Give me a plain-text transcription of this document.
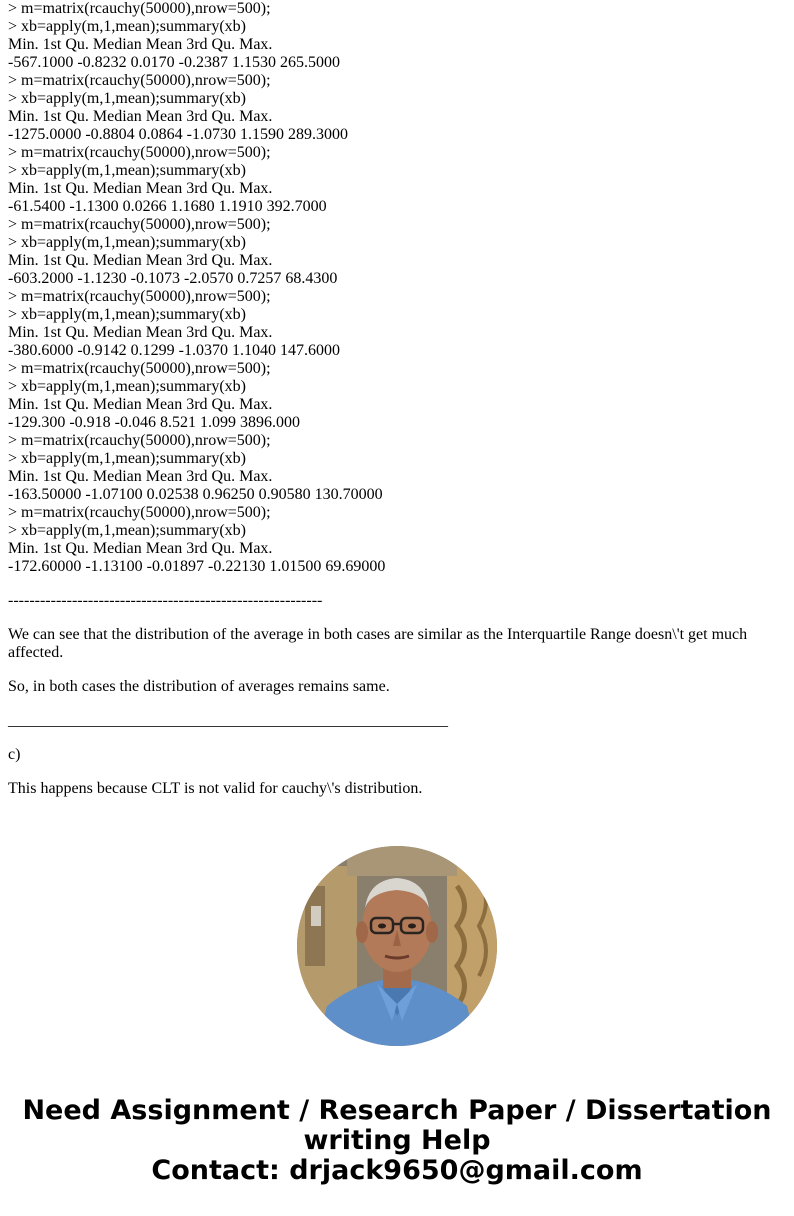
> m=matrix(rcauchy(50000),nrow=500);
> xb=apply(m,1,mean);summary(xb)
Min. 1st Qu. Median Mean 3rd Qu. Max.
-567.1000 -0.8232 0.0170 -0.2387 1.1530 265.5000
> m=matrix(rcauchy(50000),nrow=500);
> xb=apply(m,1,mean);summary(xb)
Min. 1st Qu. Median Mean 3rd Qu. Max.
-1275.0000 -0.8804 0.0864 -1.0730 1.1590 289.3000
> m=matrix(rcauchy(50000),nrow=500);
> xb=apply(m,1,mean);summary(xb)
Min. 1st Qu. Median Mean 3rd Qu. Max.
-61.5400 -1.1300 0.0266 1.1680 1.1910 392.7000
> m=matrix(rcauchy(50000),nrow=500);
> xb=apply(m,1,mean);summary(xb)
Min. 1st Qu. Median Mean 3rd Qu. Max.
-603.2000 -1.1230 -0.1073 -2.0570 0.7257 68.4300
> m=matrix(rcauchy(50000),nrow=500);
> xb=apply(m,1,mean);summary(xb)
Min. 1st Qu. Median Mean 3rd Qu. Max.
-380.6000 -0.9142 0.1299 -1.0370 1.1040 147.6000
> m=matrix(rcauchy(50000),nrow=500);
> xb=apply(m,1,mean);summary(xb)
Min. 1st Qu. Median Mean 3rd Qu. Max.
-129.300 -0.918 -0.046 8.521 1.099 3896.000
> m=matrix(rcauchy(50000),nrow=500);
> xb=apply(m,1,mean);summary(xb)
Min. 1st Qu. Median Mean 3rd Qu. Max.
-163.50000 -1.07100 0.02538 0.96250 0.90580 130.70000
> m=matrix(rcauchy(50000),nrow=500);
> xb=apply(m,1,mean);summary(xb)
Min. 1st Qu. Median Mean 3rd Qu. Max.
-172.60000 -1.13100 -0.01897 -0.22130 1.01500 69.69000
-----------------------------------------------------------

We can see that the distribution of the average in both cases are similar as the Interquartile Range doesn\'t get much affected.

So, in both cases the distribution of averages remains same.

_______________________________________________________

c)

This happens because CLT is not valid for cauchy\'s distribution.

Need Assignment / Research Paper / Dissertation
writing Help
Contact: drjack9650@gmail.com
